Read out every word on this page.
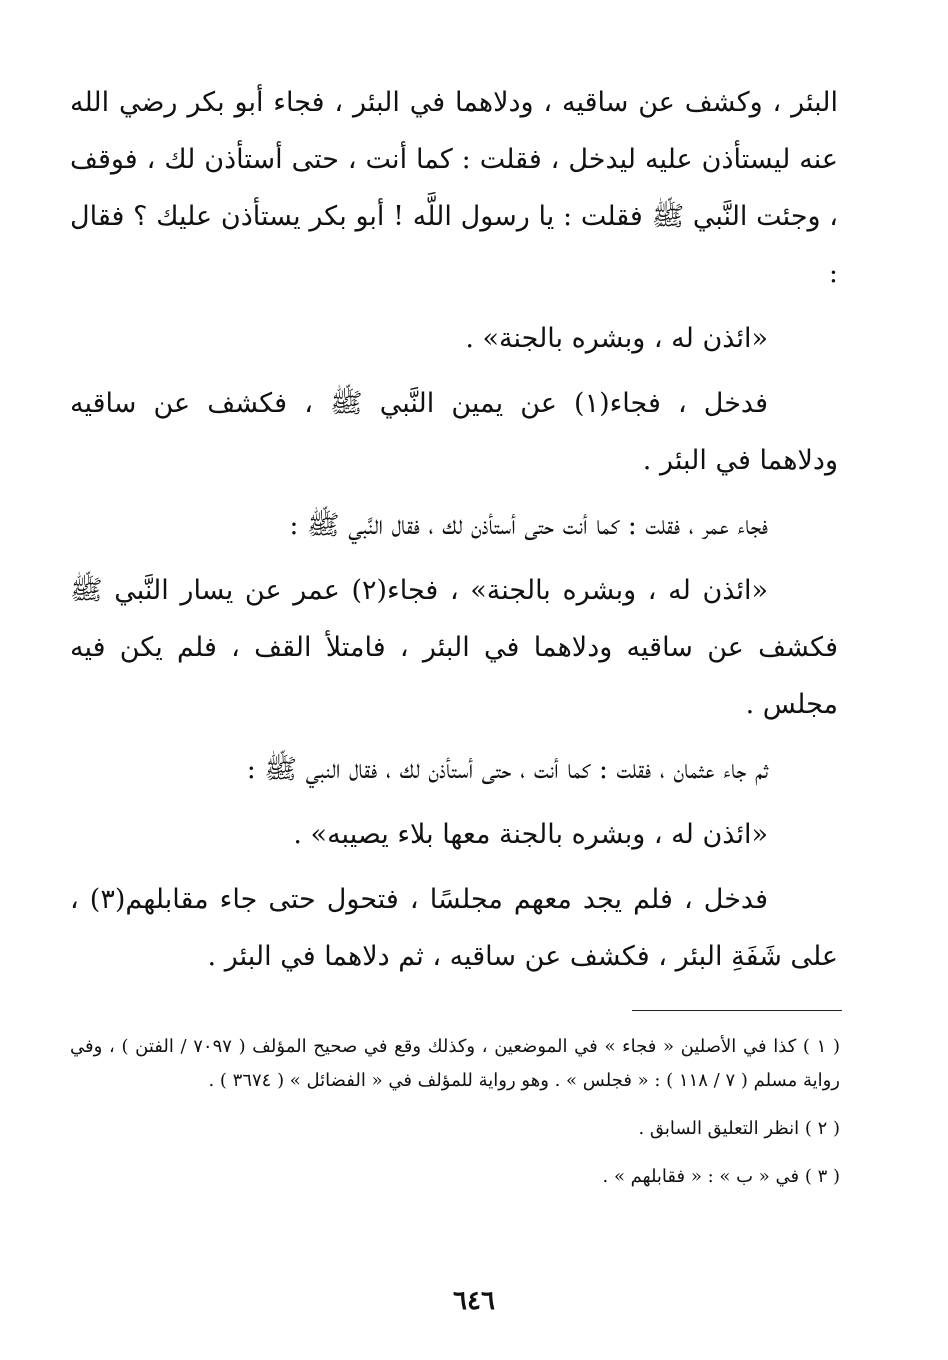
البئر ، وكشف عن ساقيه ، ودلاهما في البئر ، فجاء أبو بكر رضي الله عنه ليستأذن عليه ليدخل ، فقلت : كما أنت ، حتى أستأذن لك ، فوقف ، وجئت النَّبي ﷺ فقلت : يا رسول اللَّه ! أبو بكر يستأذن عليك ؟ فقال :

«ائذن له ، وبشره بالجنة» .

فدخل ، فجاء(١) عن يمين النَّبي ﷺ ، فكشف عن ساقيه ودلاهما في البئر .

فجاء عمر ، فقلت : كما أنت حتى أستأذن لك ، فقال النَّبي ﷺ :

«ائذن له ، وبشره بالجنة» ، فجاء(٢) عمر عن يسار النَّبي ﷺ فكشف عن ساقيه ودلاهما في البئر ، فامتلأ القف ، فلم يكن فيه مجلس .

ثم جاء عثمان ، فقلت : كما أنت ، حتى أستأذن لك ، فقال النبي ﷺ :

«ائذن له ، وبشره بالجنة معها بلاء يصيبه» .

فدخل ، فلم يجد معهم مجلسًا ، فتحول حتى جاء مقابلهم(٣) ، على شَفَةِ البئر ، فكشف عن ساقيه ، ثم دلاهما في البئر .

( ١ ) كذا في الأصلين « فجاء » في الموضعين ، وكذلك وقع في صحيح المؤلف ( ٧٠٩٧ / الفتن ) ، وفي رواية مسلم ( ٧ / ١١٨ ) : « فجلس » . وهو رواية للمؤلف في « الفضائل » ( ٣٦٧٤ ) .

( ٢ ) انظر التعليق السابق .

( ٣ ) في « ب » : « فقابلهم » .

٦٤٦
